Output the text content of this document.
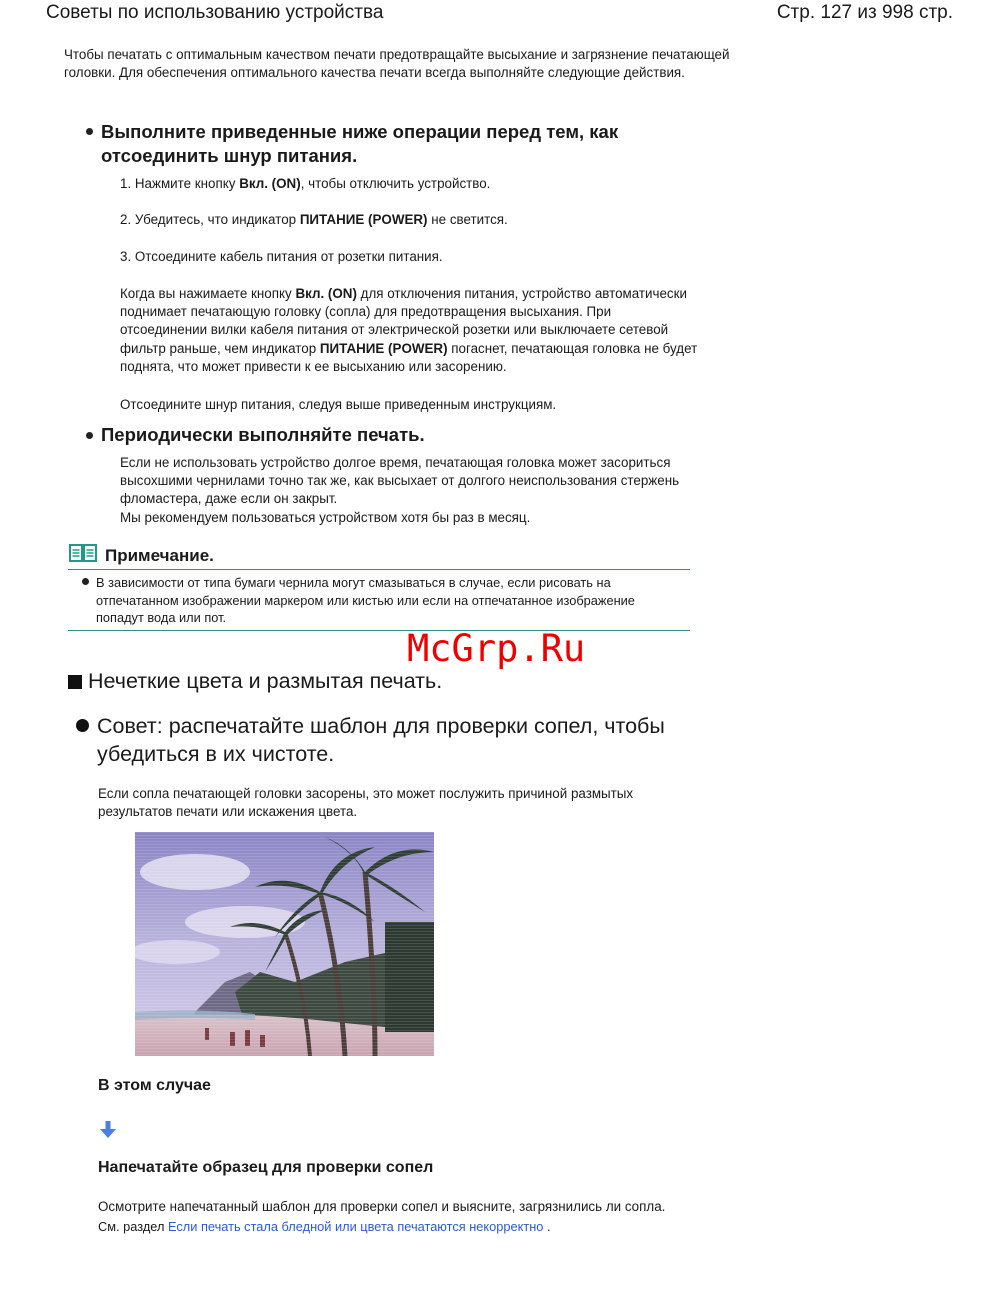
Советы по использованию устройства	Стр. 127 из 998 стр.
Чтобы печатать с оптимальным качеством печати предотвращайте высыхание и загрязнение печатающей головки. Для обеспечения оптимального качества печати всегда выполняйте следующие действия.
Выполните приведенные ниже операции перед тем, как
отсоединить шнур питания.
1. Нажмите кнопку Вкл. (ON), чтобы отключить устройство.
2. Убедитесь, что индикатор ПИТАНИЕ (POWER) не светится.
3. Отсоедините кабель питания от розетки питания.
Когда вы нажимаете кнопку Вкл. (ON) для отключения питания, устройство автоматически
поднимает печатающую головку (сопла) для предотвращения высыхания. При
отсоединении вилки кабеля питания от электрической розетки или выключаете сетевой
фильтр раньше, чем индикатор ПИТАНИЕ (POWER) погаснет, печатающая головка не будет
поднята, что может привести к ее высыханию или засорению.
Отсоедините шнур питания, следуя выше приведенным инструкциям.
Периодически выполняйте печать.
Если не использовать устройство долгое время, печатающая головка может засориться
высохшими чернилами точно так же, как высыхает от долгого неиспользования стержень
фломастера, даже если он закрыт.
Мы рекомендуем пользоваться устройством хотя бы раз в месяц.
Примечание.
В зависимости от типа бумаги чернила могут смазываться в случае, если рисовать на
отпечатанном изображении маркером или кистью или если на отпечатанное изображение
попадут вода или пот.
McGrp.Ru
Нечеткие цвета и размытая печать.
Совет: распечатайте шаблон для проверки сопел, чтобы
убедиться в их чистоте.
Если сопла печатающей головки засорены, это может послужить причиной размытых
результатов печати или искажения цвета.
В этом случае
Напечатайте образец для проверки сопел
Осмотрите напечатанный шаблон для проверки сопел и выясните, загрязнились ли сопла.
См. раздел Если печать стала бледной или цвета печатаются некорректно .
